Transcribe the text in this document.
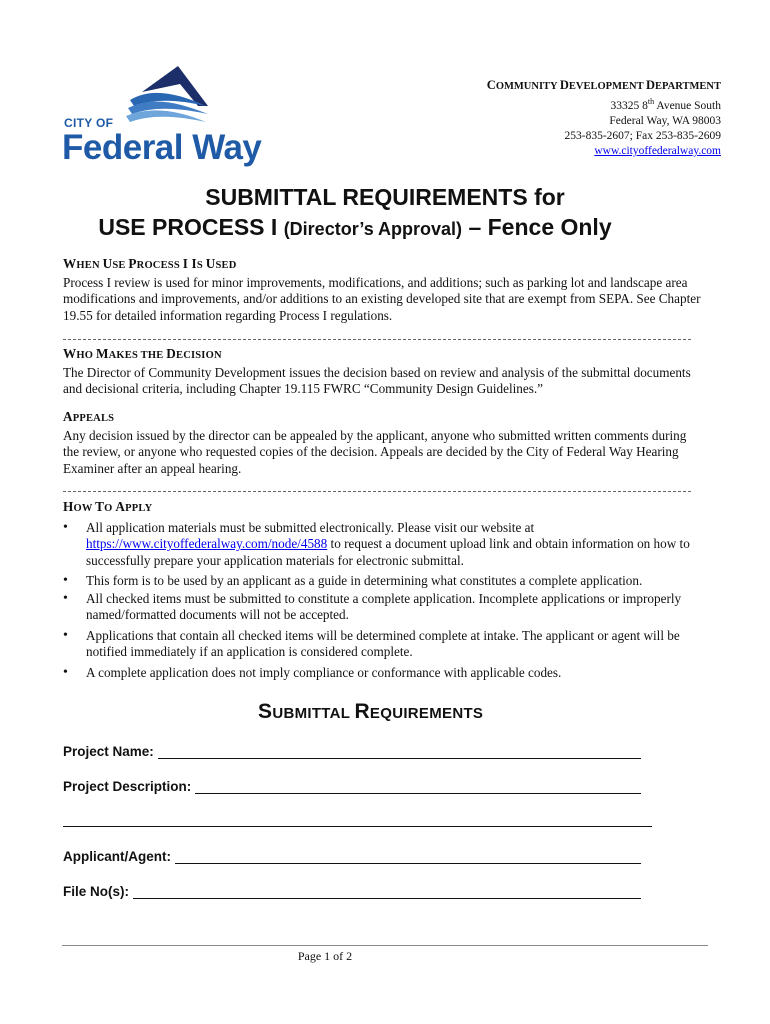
CITY OF
Federal Way
COMMUNITY DEVELOPMENT DEPARTMENT
33325 8th Avenue South
Federal Way, WA 98003
253-835-2607; Fax 253-835-2609
www.cityoffederalway.com
SUBMITTAL REQUIREMENTS for
USE PROCESS I (Director’s Approval) – Fence Only
WHEN USE PROCESS I IS USED

Process I review is used for minor improvements, modifications, and additions; such as parking lot and landscape area modifications and improvements, and/or additions to an existing developed site that are exempt from SEPA. See Chapter 19.55 for detailed information regarding Process I regulations.

WHO MAKES THE DECISION

The Director of Community Development issues the decision based on review and analysis of the submittal documents and decisional criteria, including Chapter 19.115 FWRC “Community Design Guidelines.”

APPEALS

Any decision issued by the director can be appealed by the applicant, anyone who submitted written comments during the review, or anyone who requested copies of the decision. Appeals are decided by the City of Federal Way Hearing Examiner after an appeal hearing.

HOW TO APPLY
• All application materials must be submitted electronically. Please visit our website at https://www.cityoffederalway.com/node/4588 to request a document upload link and obtain information on how to successfully prepare your application materials for electronic submittal.
• This form is to be used by an applicant as a guide in determining what constitutes a complete application.
• All checked items must be submitted to constitute a complete application. Incomplete applications or improperly named/formatted documents will not be accepted.
• Applications that contain all checked items will be determined complete at intake. The applicant or agent will be notified immediately if an application is considered complete.
• A complete application does not imply compliance or conformance with applicable codes.
SUBMITTAL REQUIREMENTS
Project Name:
Project Description:
Applicant/Agent:
File No(s):
Page 1 of 2
